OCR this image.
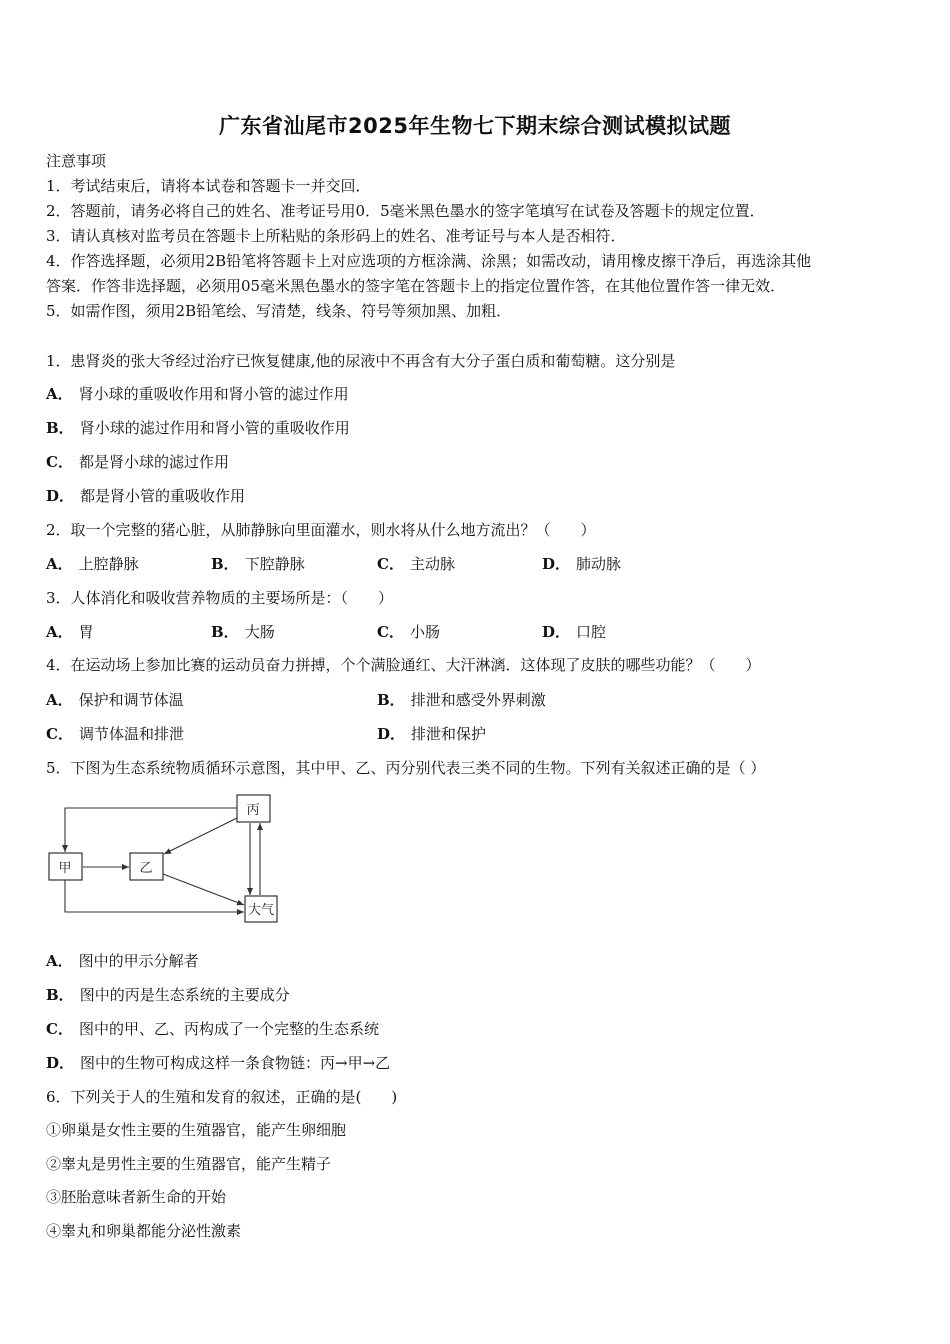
广东省汕尾市2025年生物七下期末综合测试模拟试题
注意事项
1．考试结束后，请将本试卷和答题卡一并交回．
2．答题前，请务必将自己的姓名、准考证号用0．5毫米黑色墨水的签字笔填写在试卷及答题卡的规定位置．
3．请认真核对监考员在答题卡上所粘贴的条形码上的姓名、准考证号与本人是否相符．
4．作答选择题，必须用2B铅笔将答题卡上对应选项的方框涂满、涂黑；如需改动，请用橡皮擦干净后，再选涂其他
答案．作答非选择题，必须用05毫米黑色墨水的签字笔在答题卡上的指定位置作答，在其他位置作答一律无效．
5．如需作图，须用2B铅笔绘、写清楚，线条、符号等须加黑、加粗．
1．患肾炎的张大爷经过治疗已恢复健康,他的尿液中不再含有大分子蛋白质和葡萄糖。这分别是
A． 肾小球的重吸收作用和肾小管的滤过作用
B． 肾小球的滤过作用和肾小管的重吸收作用
C． 都是肾小球的滤过作用
D． 都是肾小管的重吸收作用
2．取一个完整的猪心脏，从肺静脉向里面灌水，则水将从什么地方流出？（　　）
A． 上腔静脉	B． 下腔静脉	C． 主动脉	D． 肺动脉
3．人体消化和吸收营养物质的主要场所是：（　　）
A． 胃	B． 大肠	C． 小肠	D． 口腔
4．在运动场上参加比赛的运动员奋力拼搏，个个满脸通红、大汗淋漓．这体现了皮肤的哪些功能？（　　）
A． 保护和调节体温	B． 排泄和感受外界刺激
C． 调节体温和排泄	D． 排泄和保护
5．下图为生态系统物质循环示意图，其中甲、乙、丙分别代表三类不同的生物。下列有关叙述正确的是（ ）
丙
甲	乙
大气
A． 图中的甲示分解者
B． 图中的丙是生态系统的主要成分
C． 图中的甲、乙、丙构成了一个完整的生态系统
D． 图中的生物可构成这样一条食物链：丙→甲→乙
6．下列关于人的生殖和发育的叙述，正确的是(　　)
①卵巢是女性主要的生殖器官，能产生卵细胞
②睾丸是男性主要的生殖器官，能产生精子
③胚胎意味者新生命的开始
④睾丸和卵巢都能分泌性激素
